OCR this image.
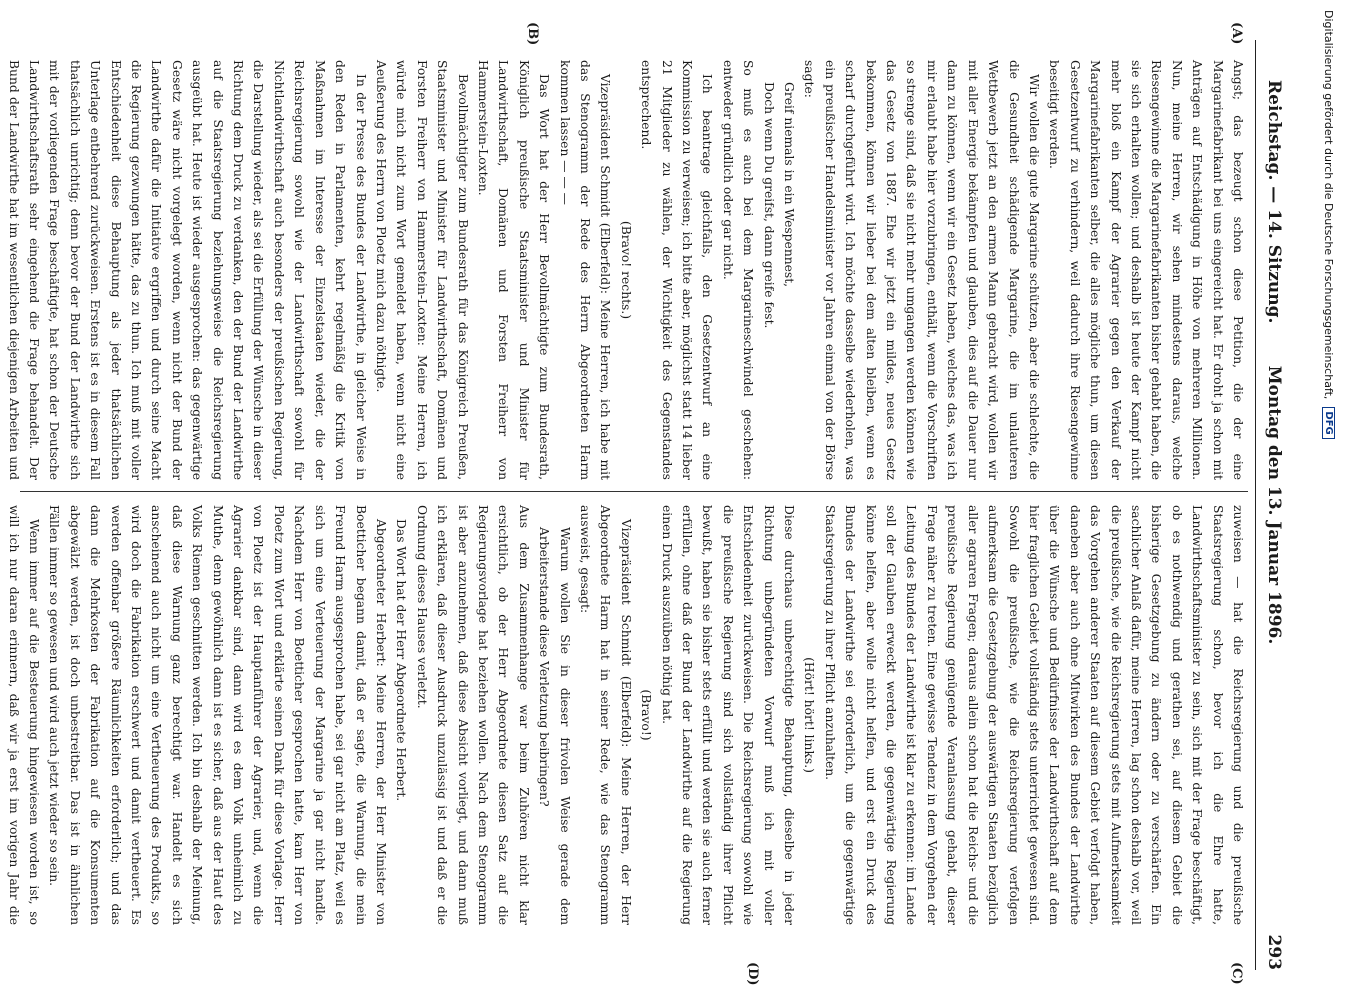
Reichstag. — 14. Sitzung.
Montag den 13. Januar 1896.
293
(A)
(B)
(C)
(D)

Angst; das bezeugt schon diese Petition, die der eine Margarinefabrikant bei uns eingereicht hat. Er droht ja schon mit Anträgen auf Entschädigung in Höhe von mehreren Millionen. Nun, meine Herren, wir sehen mindestens daraus, welche Riesengewinne die Margarinefabrikanten bisher gehabt haben, die sie sich erhalten wollen; und deshalb ist heute der Kampf nicht mehr bloß ein Kampf der Agrarier gegen den Verkauf der Margarinefabrikanten selber, die alles mögliche thun, um diesen Gesetzentwurf zu verhindern, weil dadurch ihre Riesengewinne beseitigt werden.

Wir wollen die gute Margarine schützen, aber die schlechte, die die Gesundheit schädigende Margarine, die im unlauteren Wettbewerb jetzt an den armen Mann gebracht wird, wollen wir mit aller Energie bekämpfen und glauben, dies auf die Dauer nur dann zu können, wenn wir ein Gesetz haben, welches das, was ich mir erlaubt habe hier vorzubringen, enthält, wenn die Vorschriften so strenge sind, daß sie nicht mehr umgangen werden können wie das Gesetz von 1887. Ehe wir jetzt ein mildes, neues Gesetz bekommen, können wir lieber bei dem alten bleiben, wenn es scharf durchgeführt wird. Ich möchte dasselbe wiederholen, was ein preußischer Handelsminister vor Jahren einmal von der Börse sagte:

Greif niemals in ein Wespennest,

Doch wenn Du greifst, dann greife fest.

So muß es auch bei dem Margarineschwindel geschehen: entweder gründlich oder gar nicht.

Ich beantrage gleichfalls, den Gesetzentwurf an eine Kommission zu verweisen; ich bitte aber, möglichst statt 14 lieber 21 Mitglieder zu wählen, der Wichtigkeit des Gegenstandes entsprechend.

(Bravo! rechts.)

Vizepräsident Schmidt (Elberfeld): Meine Herren, ich habe mit das Stenogramm der Rede des Herrn Abgeordneten Harm kommen lassen — — —

Das Wort hat der Herr Bevollmächtigte zum Bundesrath, Königlich preußische Staatsminister und Minister für Landwirthschaft, Domänen und Forsten Freiherr von Hammerstein-Loxten.

Bevollmächtigter zum Bundesrath für das Königreich Preußen, Staatsminister und Minister für Landwirthschaft, Domänen und Forsten Freiherr von Hammerstein-Loxten: Meine Herren, ich würde mich nicht zum Wort gemeldet haben, wenn nicht eine Aeußerung des Herrn von Ploetz mich dazu nöthigte.

In der Presse des Bundes der Landwirthe, in gleicher Weise in den Reden in Parlamenten, kehrt regelmäßig die Kritik von Maßnahmen im Interesse der Einzelstaaten wieder, die der Reichsregierung sowohl wie der Landwirthschaft sowohl für Nichtlandwirthschaft auch besonders der preußischen Regierung, die Darstellung wieder, als sei die Erfüllung der Wünsche in dieser Richtung dem Druck zu verdanken, den der Bund der Landwirthe auf die Staatsregierung beziehungsweise die Reichsregierung ausgeübt hat. Heute ist wieder ausgesprochen: das gegenwärtige Gesetz wäre nicht vorgelegt worden, wenn nicht der Bund der Landwirthe dafür die Initiative ergriffen und durch seine Macht die Regierung gezwungen hätte, das zu thun. Ich muß mit voller Entschiedenheit diese Behauptung als jeder thatsächlichen Unterlage entbehrend zurückweisen. Erstens ist es in diesem Fall thatsächlich unrichtig; denn bevor der Bund der Landwirthe sich mit der vorliegenden Frage beschäftigte, hat schon der Deutsche Landwirthschaftsrath sehr eingehend die Frage behandelt. Der Bund der Landwirthe hat im wesentlichen diejenigen Arbeiten und

zuweisen — hat die Reichsregierung und die preußische Staatsregierung schon, bevor ich die Ehre hatte, Landwirthschaftsminister zu sein, sich mit der Frage beschäftigt, ob es nothwendig und gerathen sei, auf diesem Gebiet die bisherige Gesetzgebung zu ändern oder zu verschärfen. Ein sachlicher Anlaß dafür, meine Herren, lag schon deshalb vor, weil die preußische, wie die Reichsregierung stets mit Aufmerksamkeit das Vorgehen anderer Staaten auf diesem Gebiet verfolgt haben, daneben aber auch ohne Mitwirken des Bundes der Landwirthe über die Wünsche und Bedürfnisse der Landwirthschaft auf dem hier fraglichen Gebiet vollständig stets unterrichtet gewesen sind. Sowohl die preußische, wie die Reichsregierung verfolgen aufmerksam die Gesetzgebung der auswärtigen Staaten bezüglich aller agraren Fragen; daraus allein schon hat die Reichs- und die preußische Regierung genügende Veranlassung gehabt, dieser Frage näher zu treten. Eine gewisse Tendenz in dem Vorgehen der Leitung des Bundes der Landwirthe ist klar zu erkennen: im Lande soll der Glauben erweckt werden, die gegenwärtige Regierung könne helfen, aber wolle nicht helfen, und erst ein Druck des Bundes der Landwirthe sei erforderlich, um die gegenwärtige Staatsregierung zu ihrer Pflicht anzuhalten.

(Hört! hört! links.)

Diese durchaus unberechtigte Behauptung, dieselbe in jeder Richtung unbegründeten Vorwurf muß ich mit voller Entschiedenheit zurückweisen. Die Reichsregierung sowohl wie die preußische Regierung sind sich vollständig ihrer Pflicht bewußt, haben sie bisher stets erfüllt und werden sie auch ferner erfüllen, ohne daß der Bund der Landwirthe auf die Regierung einen Druck auszuüben nöthig hat.

(Bravo!)

Vizepräsident Schmidt (Elberfeld): Meine Herren, der Herr Abgeordnete Harm hat in seiner Rede, wie das Stenogramm ausweist, gesagt:

Warum wollen Sie in dieser frivolen Weise gerade dem Arbeiterstande diese Verletzung beibringen?

Aus dem Zusammenhange war beim Zuhören nicht klar ersichtlich, ob der Herr Abgeordnete diesen Satz auf die Regierungsvorlage hat beziehen wollen. Nach dem Stenogramm ist aber anzunehmen, daß diese Absicht vorliegt, und dann muß ich erklären, daß dieser Ausdruck unzulässig ist und daß er die Ordnung dieses Hauses verletzt.

Das Wort hat der Herr Abgeordnete Herbert.

Abgeordneter Herbert: Meine Herren, der Herr Minister von Boetticher begann damit, daß er sagte, die Warnung, die mein Freund Harm ausgesprochen habe, sei gar nicht am Platz, weil es sich um eine Verteuerung der Margarine ja gar nicht handle. Nachdem Herr von Boetticher gesprochen hatte, kam Herr von Ploetz zum Wort und erklärte seinen Dank für diese Vorlage. Herr von Ploetz ist der Hauptanführer der Agrarier, und, wenn die Agrarier dankbar sind, dann wird es dem Volk unheimlich zu Muthe, denn gewöhnlich dann ist es sicher, daß aus der Haut des Volks Riemen geschnitten werden. Ich bin deshalb der Meinung, daß diese Warnung ganz berechtigt war. Handelt es sich anscheinend auch nicht um eine Vertheuerung des Produkts, so wird doch die Fabrikation erschwert und damit vertheuert. Es werden offenbar größere Räumlichkeiten erforderlich; und das dann die Mehrkosten der Fabrikation auf die Konsumenten abgewälzt werden, ist doch unbestreitbar. Das ist in ähnlichen Fällen immer so gewesen und wird auch jetzt wieder so sein.

Wenn immer auf die Besteuerung hingewiesen worden ist, so will ich nur daran erinnern, daß wir ja erst im vorigen Jahr die

Digitalisierung gefördert durch die Deutsche Forschungsgemeinschaft,
DFG
